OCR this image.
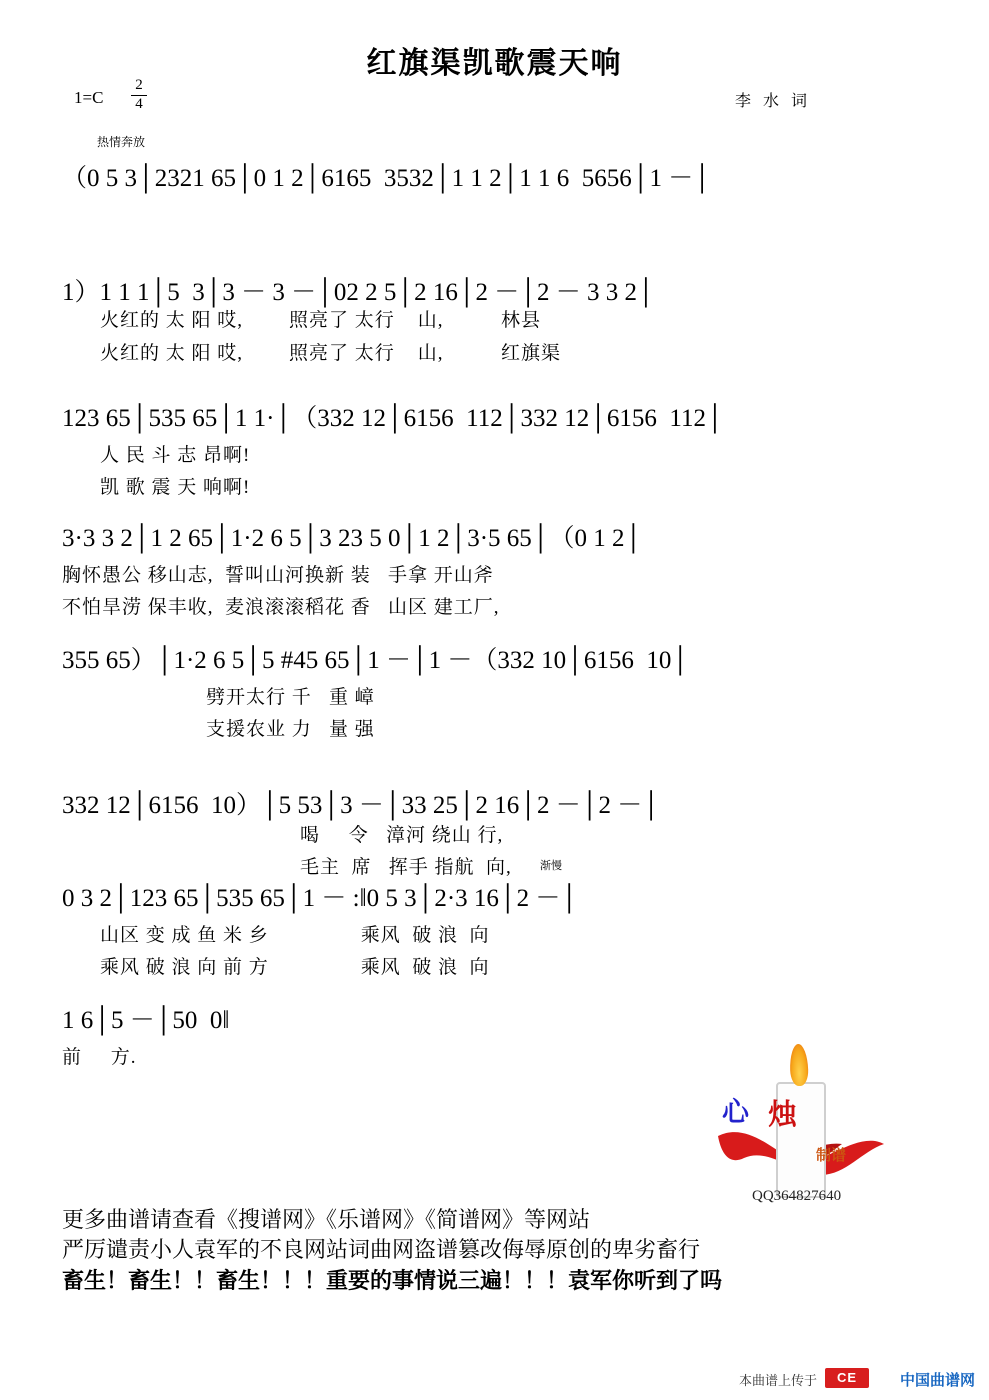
红旗渠凯歌震天响
1=C
2
4	李 水 词
热情奔放
渐慢
（0 5 3│2321 65│0 1 2│6165  3532│1 1 2│1 1 6  5656│1 －│
1）1 1 1│5  3│3 － 3 －│02 2 5│2 16│2 －│2 － 3 3 2│
火红的 太 阳 哎,        照亮了 太行    山,          林县
火红的 太 阳 哎,        照亮了 太行    山,          红旗渠
123 65│535 65│1 1·│（332 12│6156  112│332 12│6156  112│
人 民 斗 志 昂啊!
凯 歌 震 天 响啊!
3·3 3 2│1 2 65│1·2 6 5│3 23 5 0│1 2│3·5 65│（0 1 2│
胸怀愚公 移山志,  誓叫山河换新 装   手拿 开山斧
不怕旱涝 保丰收,  麦浪滚滚稻花 香   山区 建工厂,
355 65）│1·2 6 5│5 #45 65│1 －│1 －（332 10│6156  10│
劈开太行 千   重 嶂
支援农业 力   量 强
332 12│6156  10）│5 53│3 －│33 25│2 16│2 －│2 －│
喝     令   漳河 绕山 行,
毛主  席   挥手 指航  向,
0 3 2│123 65│535 65│1 － :‖0 5 3│2·3 16│2 －│
山区 变 成 鱼 米 乡                乘风  破 浪  向
乘风 破 浪 向 前 方                乘风  破 浪  向
1 6│5 －│50  0‖
前     方.
心 烛
制谱
QQ364827640
更多曲谱请查看《搜谱网》《乐谱网》《简谱网》等网站
严厉谴责小人袁军的不良网站词曲网盗谱篡改侮辱原创的卑劣畜行
畜生！畜生！！畜生！！！重要的事情说三遍！！！袁军你听到了吗
本曲谱上传于	CE	中国曲谱网
